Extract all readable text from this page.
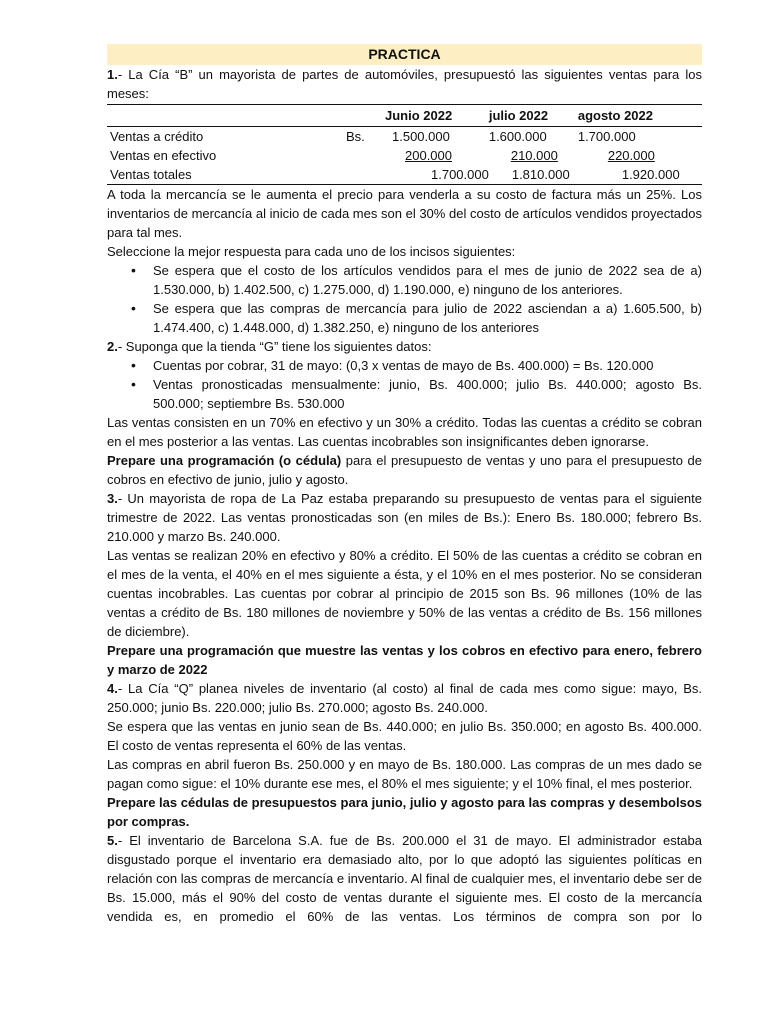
PRACTICA

1.- La Cía “B” un mayorista de partes de automóviles, presupuestó las siguientes ventas para los meses:

		Junio 2022	julio 2022	agosto 2022
Ventas a crédito	Bs.	1.500.000	1.600.000	1.700.000
Ventas en efectivo		200.000	210.000	220.000
Ventas totales		1.700.000	1.810.000	1.920.000

A toda la mercancía se le aumenta el precio para venderla a su costo de factura más un 25%. Los inventarios de mercancía al inicio de cada mes son el 30% del costo de artículos vendidos proyectados para tal mes.

Seleccione la mejor respuesta para cada uno de los incisos siguientes:

• Se espera que el costo de los artículos vendidos para el mes de junio de 2022 sea de a) 1.530.000, b) 1.402.500, c) 1.275.000, d) 1.190.000, e) ninguno de los anteriores.
• Se espera que las compras de mercancía para julio de 2022 asciendan a a) 1.605.500, b) 1.474.400, c) 1.448.000, d) 1.382.250, e) ninguno de los anteriores

2.- Suponga que la tienda “G” tiene los siguientes datos:

• Cuentas por cobrar, 31 de mayo: (0,3 x ventas de mayo de Bs. 400.000) = Bs. 120.000
• Ventas pronosticadas mensualmente: junio, Bs. 400.000; julio Bs. 440.000; agosto Bs. 500.000; septiembre Bs. 530.000

Las ventas consisten en un 70% en efectivo y un 30% a crédito. Todas las cuentas a crédito se cobran en el mes posterior a las ventas. Las cuentas incobrables son insignificantes deben ignorarse.

Prepare una programación (o cédula) para el presupuesto de ventas y uno para el presupuesto de cobros en efectivo de junio, julio y agosto.

3.- Un mayorista de ropa de La Paz estaba preparando su presupuesto de ventas para el siguiente trimestre de 2022. Las ventas pronosticadas son (en miles de Bs.): Enero Bs. 180.000; febrero Bs. 210.000 y marzo Bs. 240.000.

Las ventas se realizan 20% en efectivo y 80% a crédito. El 50% de las cuentas a crédito se cobran en el mes de la venta, el 40% en el mes siguiente a ésta, y el 10% en el mes posterior. No se consideran cuentas incobrables. Las cuentas por cobrar al principio de 2015 son Bs. 96 millones (10% de las ventas a crédito de Bs. 180 millones de noviembre y 50% de las ventas a crédito de Bs. 156 millones de diciembre).

Prepare una programación que muestre las ventas y los cobros en efectivo para enero, febrero y marzo de 2022

4.- La Cía “Q” planea niveles de inventario (al costo) al final de cada mes como sigue: mayo, Bs. 250.000; junio Bs. 220.000; julio Bs. 270.000; agosto Bs. 240.000.

Se espera que las ventas en junio sean de Bs. 440.000; en julio Bs. 350.000; en agosto Bs. 400.000. El costo de ventas representa el 60% de las ventas.

Las compras en abril fueron Bs. 250.000 y en mayo de Bs. 180.000. Las compras de un mes dado se pagan como sigue: el 10% durante ese mes, el 80% el mes siguiente; y el 10% final, el mes posterior.

Prepare las cédulas de presupuestos para junio, julio y agosto para las compras y desembolsos por compras.

5.- El inventario de Barcelona S.A. fue de Bs. 200.000 el 31 de mayo. El administrador estaba disgustado porque el inventario era demasiado alto, por lo que adoptó las siguientes políticas en relación con las compras de mercancía e inventario. Al final de cualquier mes, el inventario debe ser de Bs. 15.000, más el 90% del costo de ventas durante el siguiente mes. El costo de la mercancía vendida es, en promedio el 60% de las ventas. Los términos de compra son por lo
